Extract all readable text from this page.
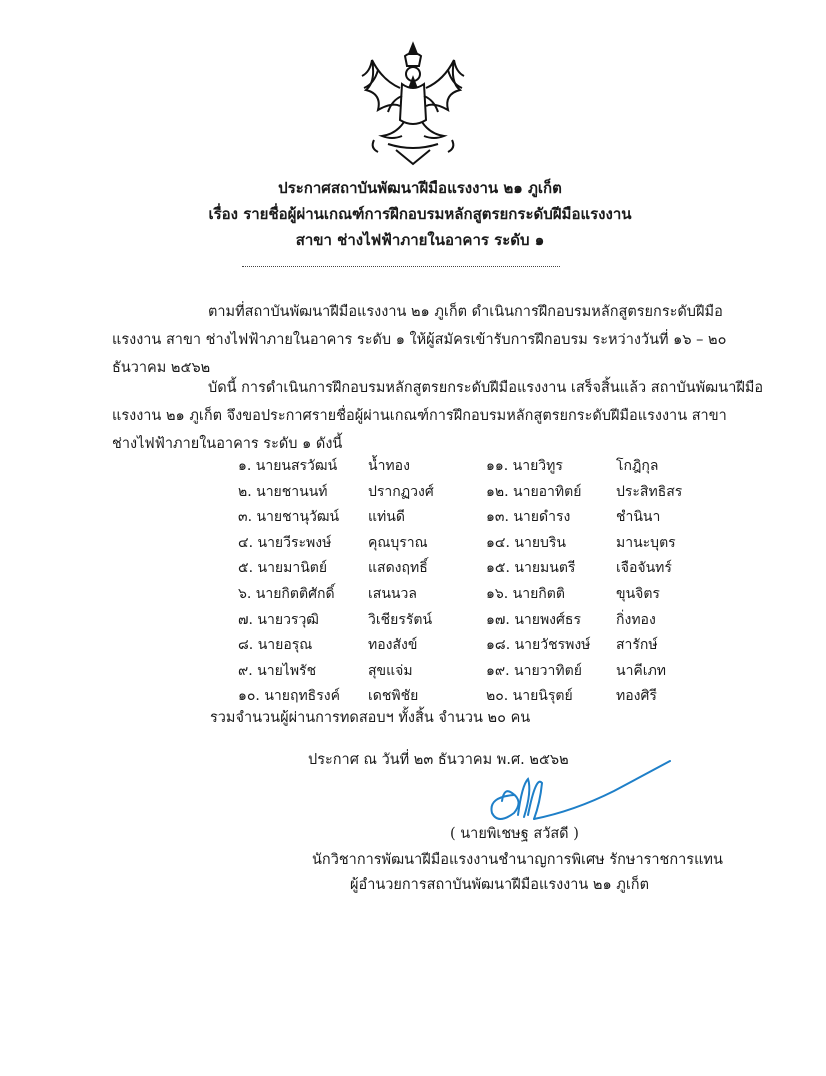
ประกาศสถาบันพัฒนาฝีมือแรงงาน ๒๑ ภูเก็ต
เรื่อง รายชื่อผู้ผ่านเกณฑ์การฝึกอบรมหลักสูตรยกระดับฝีมือแรงงาน
สาขา ช่างไฟฟ้าภายในอาคาร ระดับ ๑

ตามที่สถาบันพัฒนาฝีมือแรงงาน ๒๑ ภูเก็ต ดำเนินการฝึกอบรมหลักสูตรยกระดับฝีมือแรงงาน สาขา ช่างไฟฟ้าภายในอาคาร ระดับ ๑ ให้ผู้สมัครเข้ารับการฝึกอบรม ระหว่างวันที่ ๑๖ – ๒๐ ธันวาคม ๒๕๖๒

บัดนี้ การดำเนินการฝึกอบรมหลักสูตรยกระดับฝีมือแรงงาน เสร็จสิ้นแล้ว สถาบันพัฒนาฝีมือแรงงาน ๒๑ ภูเก็ต จึงขอประกาศรายชื่อผู้ผ่านเกณฑ์การฝึกอบรมหลักสูตรยกระดับฝีมือแรงงาน สาขา ช่างไฟฟ้าภายในอาคาร ระดับ ๑ ดังนี้

๑. นายนสรวัฒน์ น้ำทอง	๑๑. นายวิทูร	โกฎิกุล
๒. นายชานนท์	ปรากฏวงศ์	๑๒. นายอาทิตย์ ประสิทธิสร
๓. นายชานุวัฒน์ แท่นดี	๑๓. นายดำรง	ชำนินา
๔. นายวีระพงษ์	คุณบุราณ	๑๔. นายบริน	มานะบุตร
๕. นายมานิตย์	แสดงฤทธิ์	๑๕. นายมนตรี	เจือจันทร์
๖. นายกิตติศักดิ์ เสนนวล	๑๖. นายกิตติ	ขุนจิตร
๗. นายวรวุฒิ	วิเชียรรัตน์	๑๗. นายพงศ์ธร	กิ่งทอง
๘. นายอรุณ	ทองสังข์	๑๘. นายวัชรพงษ์ สารักษ์
๙. นายไพรัช	สุขแจ่ม	๑๙. นายวาทิตย์ นาคีเภท
๑๐. นายฤทธิรงค์ เดชพิชัย	๒๐. นายนิรุตย์	ทองศิรี
รวมจำนวนผู้ผ่านการทดสอบฯ ทั้งสิ้น จำนวน ๒๐ คน
ประกาศ ณ วันที่ ๒๓ ธันวาคม พ.ศ. ๒๕๖๒
( นายพิเชษฐ สวัสดี )
นักวิชาการพัฒนาฝีมือแรงงานชำนาญการพิเศษ รักษาราชการแทน
ผู้อำนวยการสถาบันพัฒนาฝีมือแรงงาน ๒๑ ภูเก็ต
